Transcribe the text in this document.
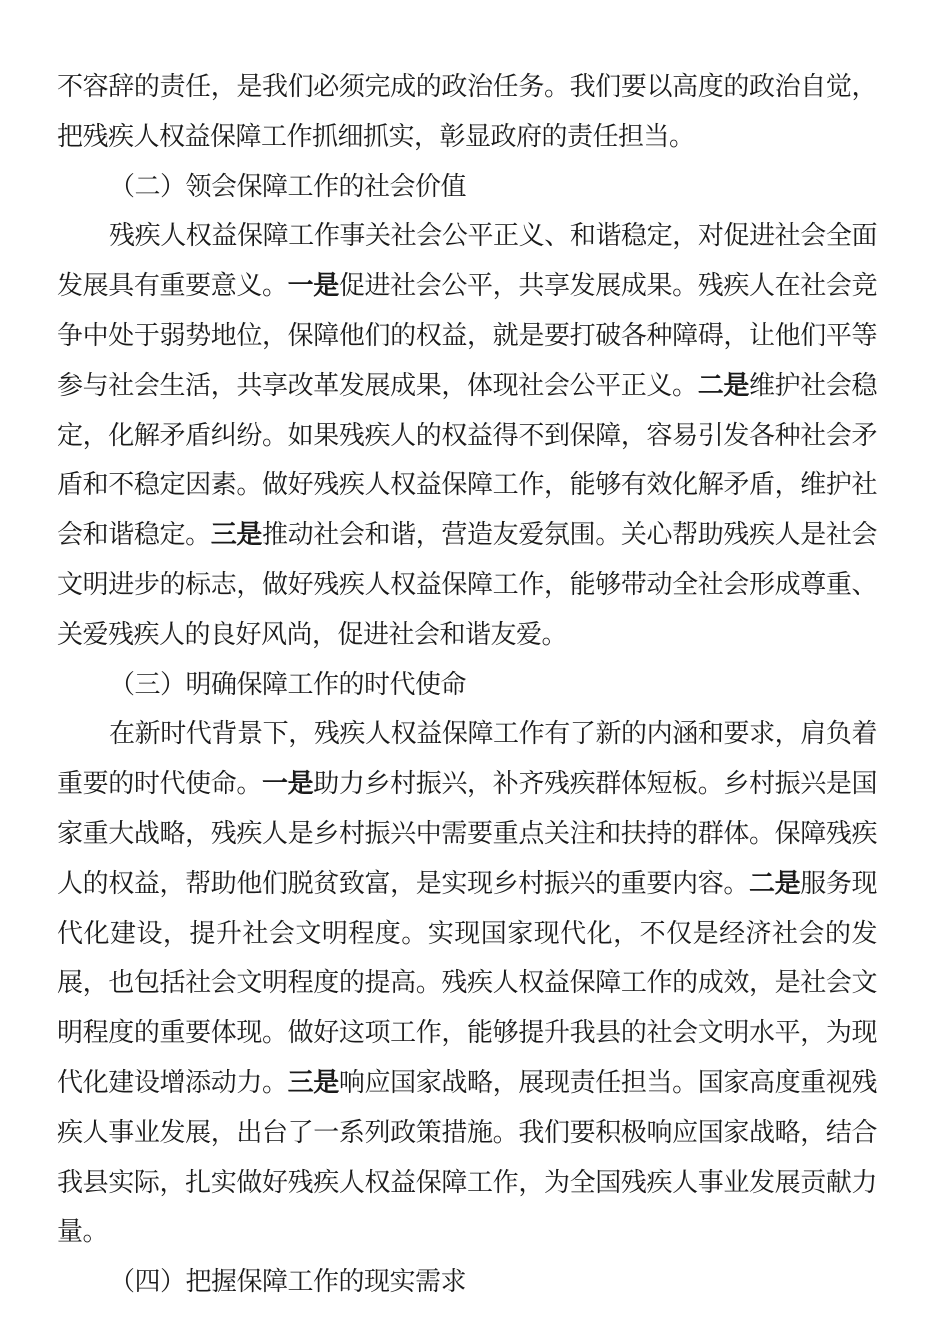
不容辞的责任，是我们必须完成的政治任务。我们要以高度的政治自觉，把残疾人权益保障工作抓细抓实，彰显政府的责任担当。

（二）领会保障工作的社会价值

残疾人权益保障工作事关社会公平正义、和谐稳定，对促进社会全面发展具有重要意义。一是促进社会公平，共享发展成果。残疾人在社会竞争中处于弱势地位，保障他们的权益，就是要打破各种障碍，让他们平等参与社会生活，共享改革发展成果，体现社会公平正义。二是维护社会稳定，化解矛盾纠纷。如果残疾人的权益得不到保障，容易引发各种社会矛盾和不稳定因素。做好残疾人权益保障工作，能够有效化解矛盾，维护社会和谐稳定。三是推动社会和谐，营造友爱氛围。关心帮助残疾人是社会文明进步的标志，做好残疾人权益保障工作，能够带动全社会形成尊重、关爱残疾人的良好风尚，促进社会和谐友爱。

（三）明确保障工作的时代使命

在新时代背景下，残疾人权益保障工作有了新的内涵和要求，肩负着重要的时代使命。一是助力乡村振兴，补齐残疾群体短板。乡村振兴是国家重大战略，残疾人是乡村振兴中需要重点关注和扶持的群体。保障残疾人的权益，帮助他们脱贫致富，是实现乡村振兴的重要内容。二是服务现代化建设，提升社会文明程度。实现国家现代化，不仅是经济社会的发展，也包括社会文明程度的提高。残疾人权益保障工作的成效，是社会文明程度的重要体现。做好这项工作，能够提升我县的社会文明水平，为现代化建设增添动力。三是响应国家战略，展现责任担当。国家高度重视残疾人事业发展，出台了一系列政策措施。我们要积极响应国家战略，结合我县实际，扎实做好残疾人权益保障工作，为全国残疾人事业发展贡献力量。

（四）把握保障工作的现实需求
